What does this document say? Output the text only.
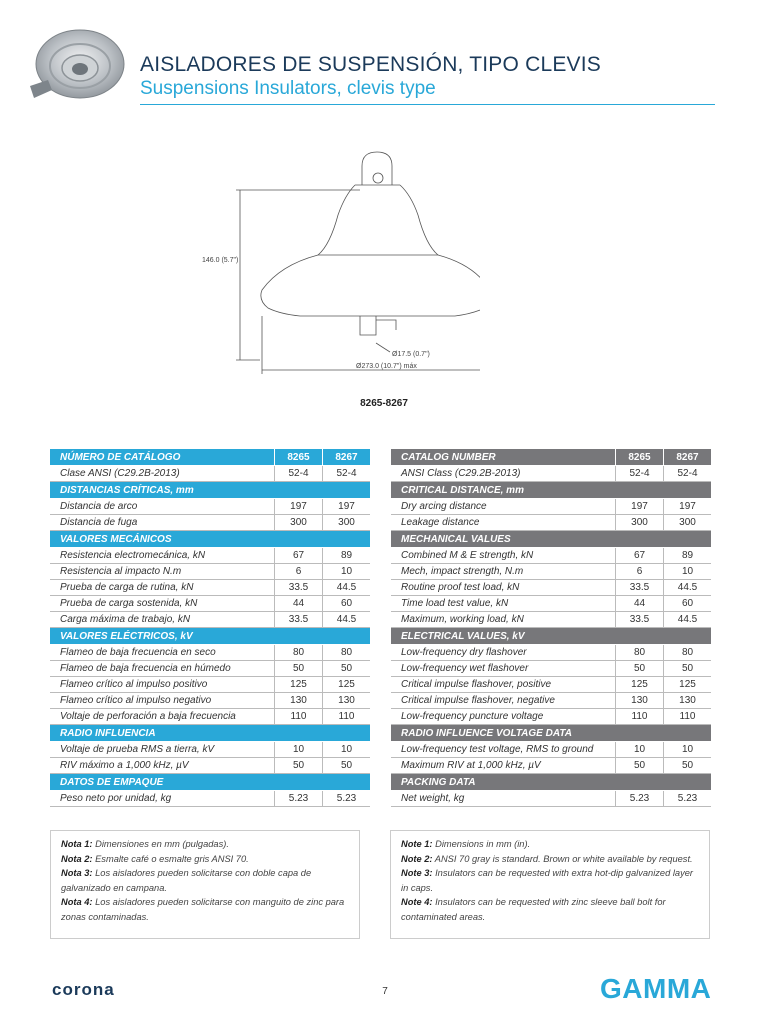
AISLADORES DE SUSPENSIÓN, TIPO CLEVIS
Suspensions Insulators, clevis type
146.0 (5.7")
Ø17.5 (0.7")
Ø273.0 (10.7") máx
8265-8267
NÚMERO DE CATÁLOGO	8265	8267
Clase ANSI (C29.2B-2013)	52-4	52-4
DISTANCIAS CRÍTICAS, mm		
Distancia de arco	197	197
Distancia de fuga	300	300
VALORES MECÁNICOS		
Resistencia electromecánica, kN	67	89
Resistencia al impacto N.m	6	10
Prueba de carga de rutina, kN	33.5	44.5
Prueba de carga sostenida, kN	44	60
Carga máxima de trabajo, kN	33.5	44.5
VALORES ELÉCTRICOS, kV		
Flameo de baja frecuencia en seco	80	80
Flameo de baja frecuencia en húmedo	50	50
Flameo crítico al impulso positivo	125	125
Flameo crítico al impulso negativo	130	130
Voltaje de perforación a baja frecuencia	110	110
RADIO INFLUENCIA		
Voltaje de prueba RMS a tierra, kV	10	10
RIV máximo a 1,000 kHz, µV	50	50
DATOS DE EMPAQUE		
Peso neto por unidad, kg	5.23	5.23
CATALOG NUMBER	8265	8267
ANSI Class (C29.2B-2013)	52-4	52-4
CRITICAL DISTANCE, mm		
Dry arcing distance	197	197
Leakage distance	300	300
MECHANICAL VALUES		
Combined M & E strength, kN	67	89
Mech, impact strength, N.m	6	10
Routine proof test load, kN	33.5	44.5
Time load test value, kN	44	60
Maximum, working load, kN	33.5	44.5
ELECTRICAL VALUES, kV		
Low-frequency dry flashover	80	80
Low-frequency wet flashover	50	50
Critical impulse flashover, positive	125	125
Critical impulse flashover, negative	130	130
Low-frequency puncture voltage	110	110
RADIO INFLUENCE VOLTAGE DATA		
Low-frequency test voltage, RMS to ground	10	10
Maximum RIV at 1,000 kHz, µV	50	50
PACKING DATA		
Net weight, kg	5.23	5.23
Nota 1: Dimensiones en mm (pulgadas).
Nota 2: Esmalte café o esmalte gris ANSI 70.
Nota 3: Los aisladores pueden solicitarse con doble capa de galvanizado en campana.
Nota 4: Los aisladores pueden solicitarse con manguito de zinc para zonas contaminadas.
Note 1: Dimensions in mm (in).
Note 2: ANSI 70 gray is standard. Brown or white available by request.
Note 3: Insulators can be requested with extra hot-dip galvanized layer in caps.
Note 4: Insulators can be requested with zinc sleeve ball bolt for contaminated areas.
corona	7	GAMMA
